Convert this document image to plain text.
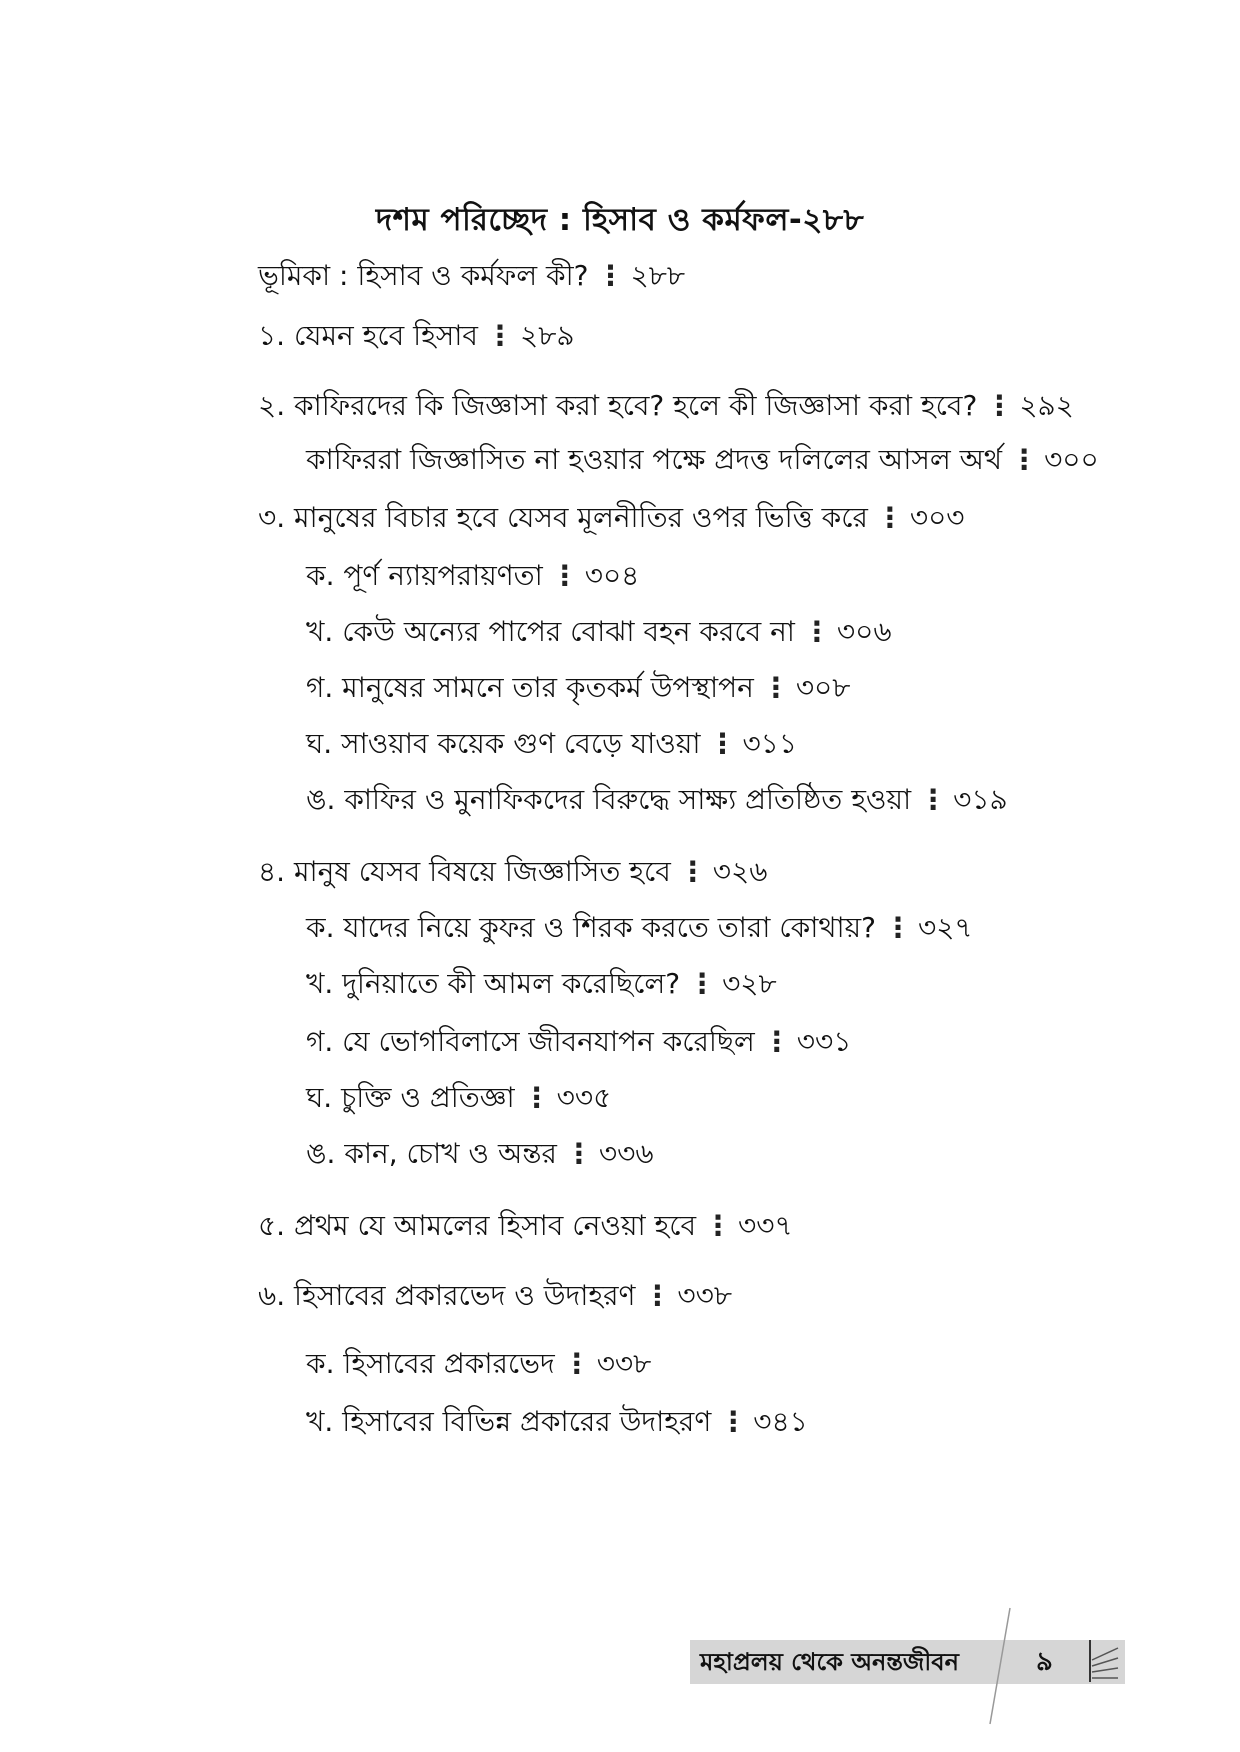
দশম পরিচ্ছেদ : হিসাব ও কর্মফল-২৮৮
ভূমিকা : হিসাব ও কর্মফল কী? ⋮ ২৮৮
১. যেমন হবে হিসাব ⋮ ২৮৯
২. কাফিরদের কি জিজ্ঞাসা করা হবে? হলে কী জিজ্ঞাসা করা হবে? ⋮ ২৯২
কাফিররা জিজ্ঞাসিত না হওয়ার পক্ষে প্রদত্ত দলিলের আসল অর্থ ⋮ ৩০০
৩. মানুষের বিচার হবে যেসব মূলনীতির ওপর ভিত্তি করে ⋮ ৩০৩
ক. পূর্ণ ন্যায়পরায়ণতা ⋮ ৩০৪
খ. কেউ অন্যের পাপের বোঝা বহন করবে না ⋮ ৩০৬
গ. মানুষের সামনে তার কৃতকর্ম উপস্থাপন ⋮ ৩০৮
ঘ. সাওয়াব কয়েক গুণ বেড়ে যাওয়া ⋮ ৩১১
ঙ. কাফির ও মুনাফিকদের বিরুদ্ধে সাক্ষ্য প্রতিষ্ঠিত হওয়া ⋮ ৩১৯
৪. মানুষ যেসব বিষয়ে জিজ্ঞাসিত হবে ⋮ ৩২৬
ক. যাদের নিয়ে কুফর ও শিরক করতে তারা কোথায়? ⋮ ৩২৭
খ. দুনিয়াতে কী আমল করেছিলে? ⋮ ৩২৮
গ. যে ভোগবিলাসে জীবনযাপন করেছিল ⋮ ৩৩১
ঘ. চুক্তি ও প্রতিজ্ঞা ⋮ ৩৩৫
ঙ. কান, চোখ ও অন্তর ⋮ ৩৩৬
৫. প্রথম যে আমলের হিসাব নেওয়া হবে ⋮ ৩৩৭
৬. হিসাবের প্রকারভেদ ও উদাহরণ ⋮ ৩৩৮
ক. হিসাবের প্রকারভেদ ⋮ ৩৩৮
খ. হিসাবের বিভিন্ন প্রকারের উদাহরণ ⋮ ৩৪১
মহাপ্রলয় থেকে অনন্তজীবন	৯
